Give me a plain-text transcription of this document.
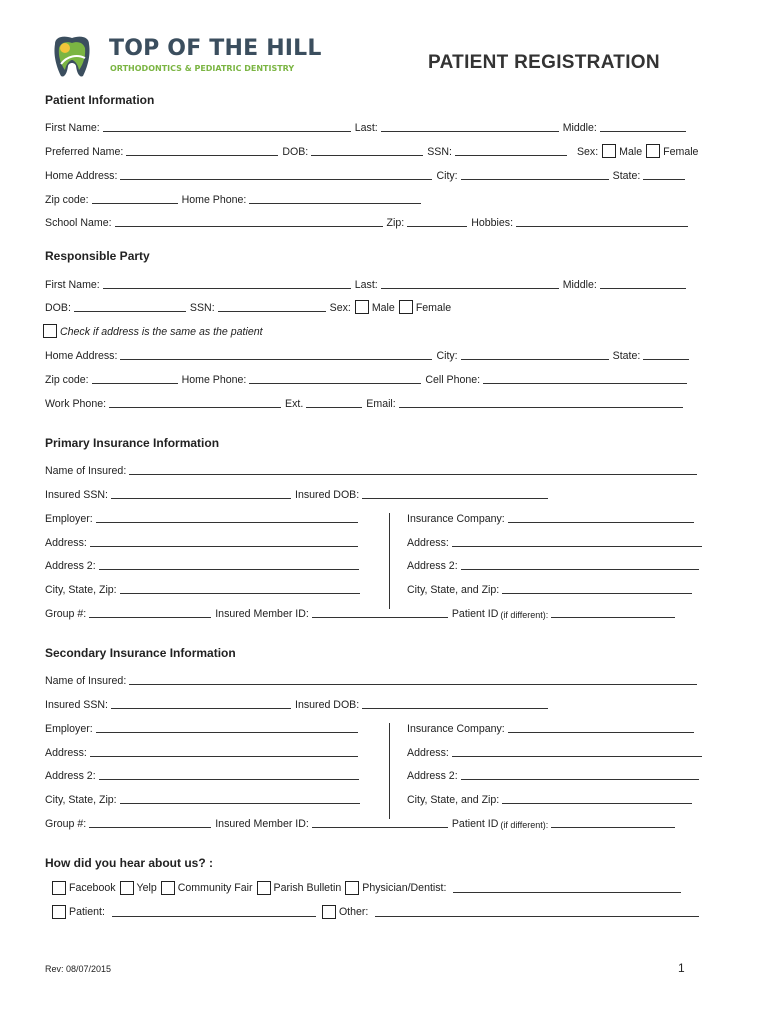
TOP OF THE HILL
ORTHODONTICS & PEDIATRIC DENTISTRY	PATIENT REGISTRATION
Patient Information
First Name:	Last:	Middle:
Preferred Name:	DOB:	SSN:	Sex: Male Female
Home Address:	City:	State:
Zip code:	Home Phone:
School Name:	Zip:	Hobbies:
Responsible Party
First Name:	Last:	Middle:
DOB:	SSN:	Sex: Male Female
Check if address is the same as the patient
Home Address:	City:	State:
Zip code:	Home Phone:	Cell Phone:
Work Phone:	Ext.	Email:
Primary Insurance Information
Name of Insured:
Insured SSN:	Insured DOB:
Employer:	Insurance Company:
Address:	Address:
Address 2:	Address 2:
City, State, Zip:	City, State, and Zip:
Group #:	Insured Member ID:	Patient ID (if different):
Secondary Insurance Information
Name of Insured:
Insured SSN:	Insured DOB:
Employer:	Insurance Company:
Address:	Address:
Address 2:	Address 2:
City, State, Zip:	City, State, and Zip:
Group #:	Insured Member ID:	Patient ID (if different):
How did you hear about us? :
Facebook Yelp Community Fair Parish Bulletin Physician/Dentist:
Patient:	Other:
Rev: 08/07/2015	1
